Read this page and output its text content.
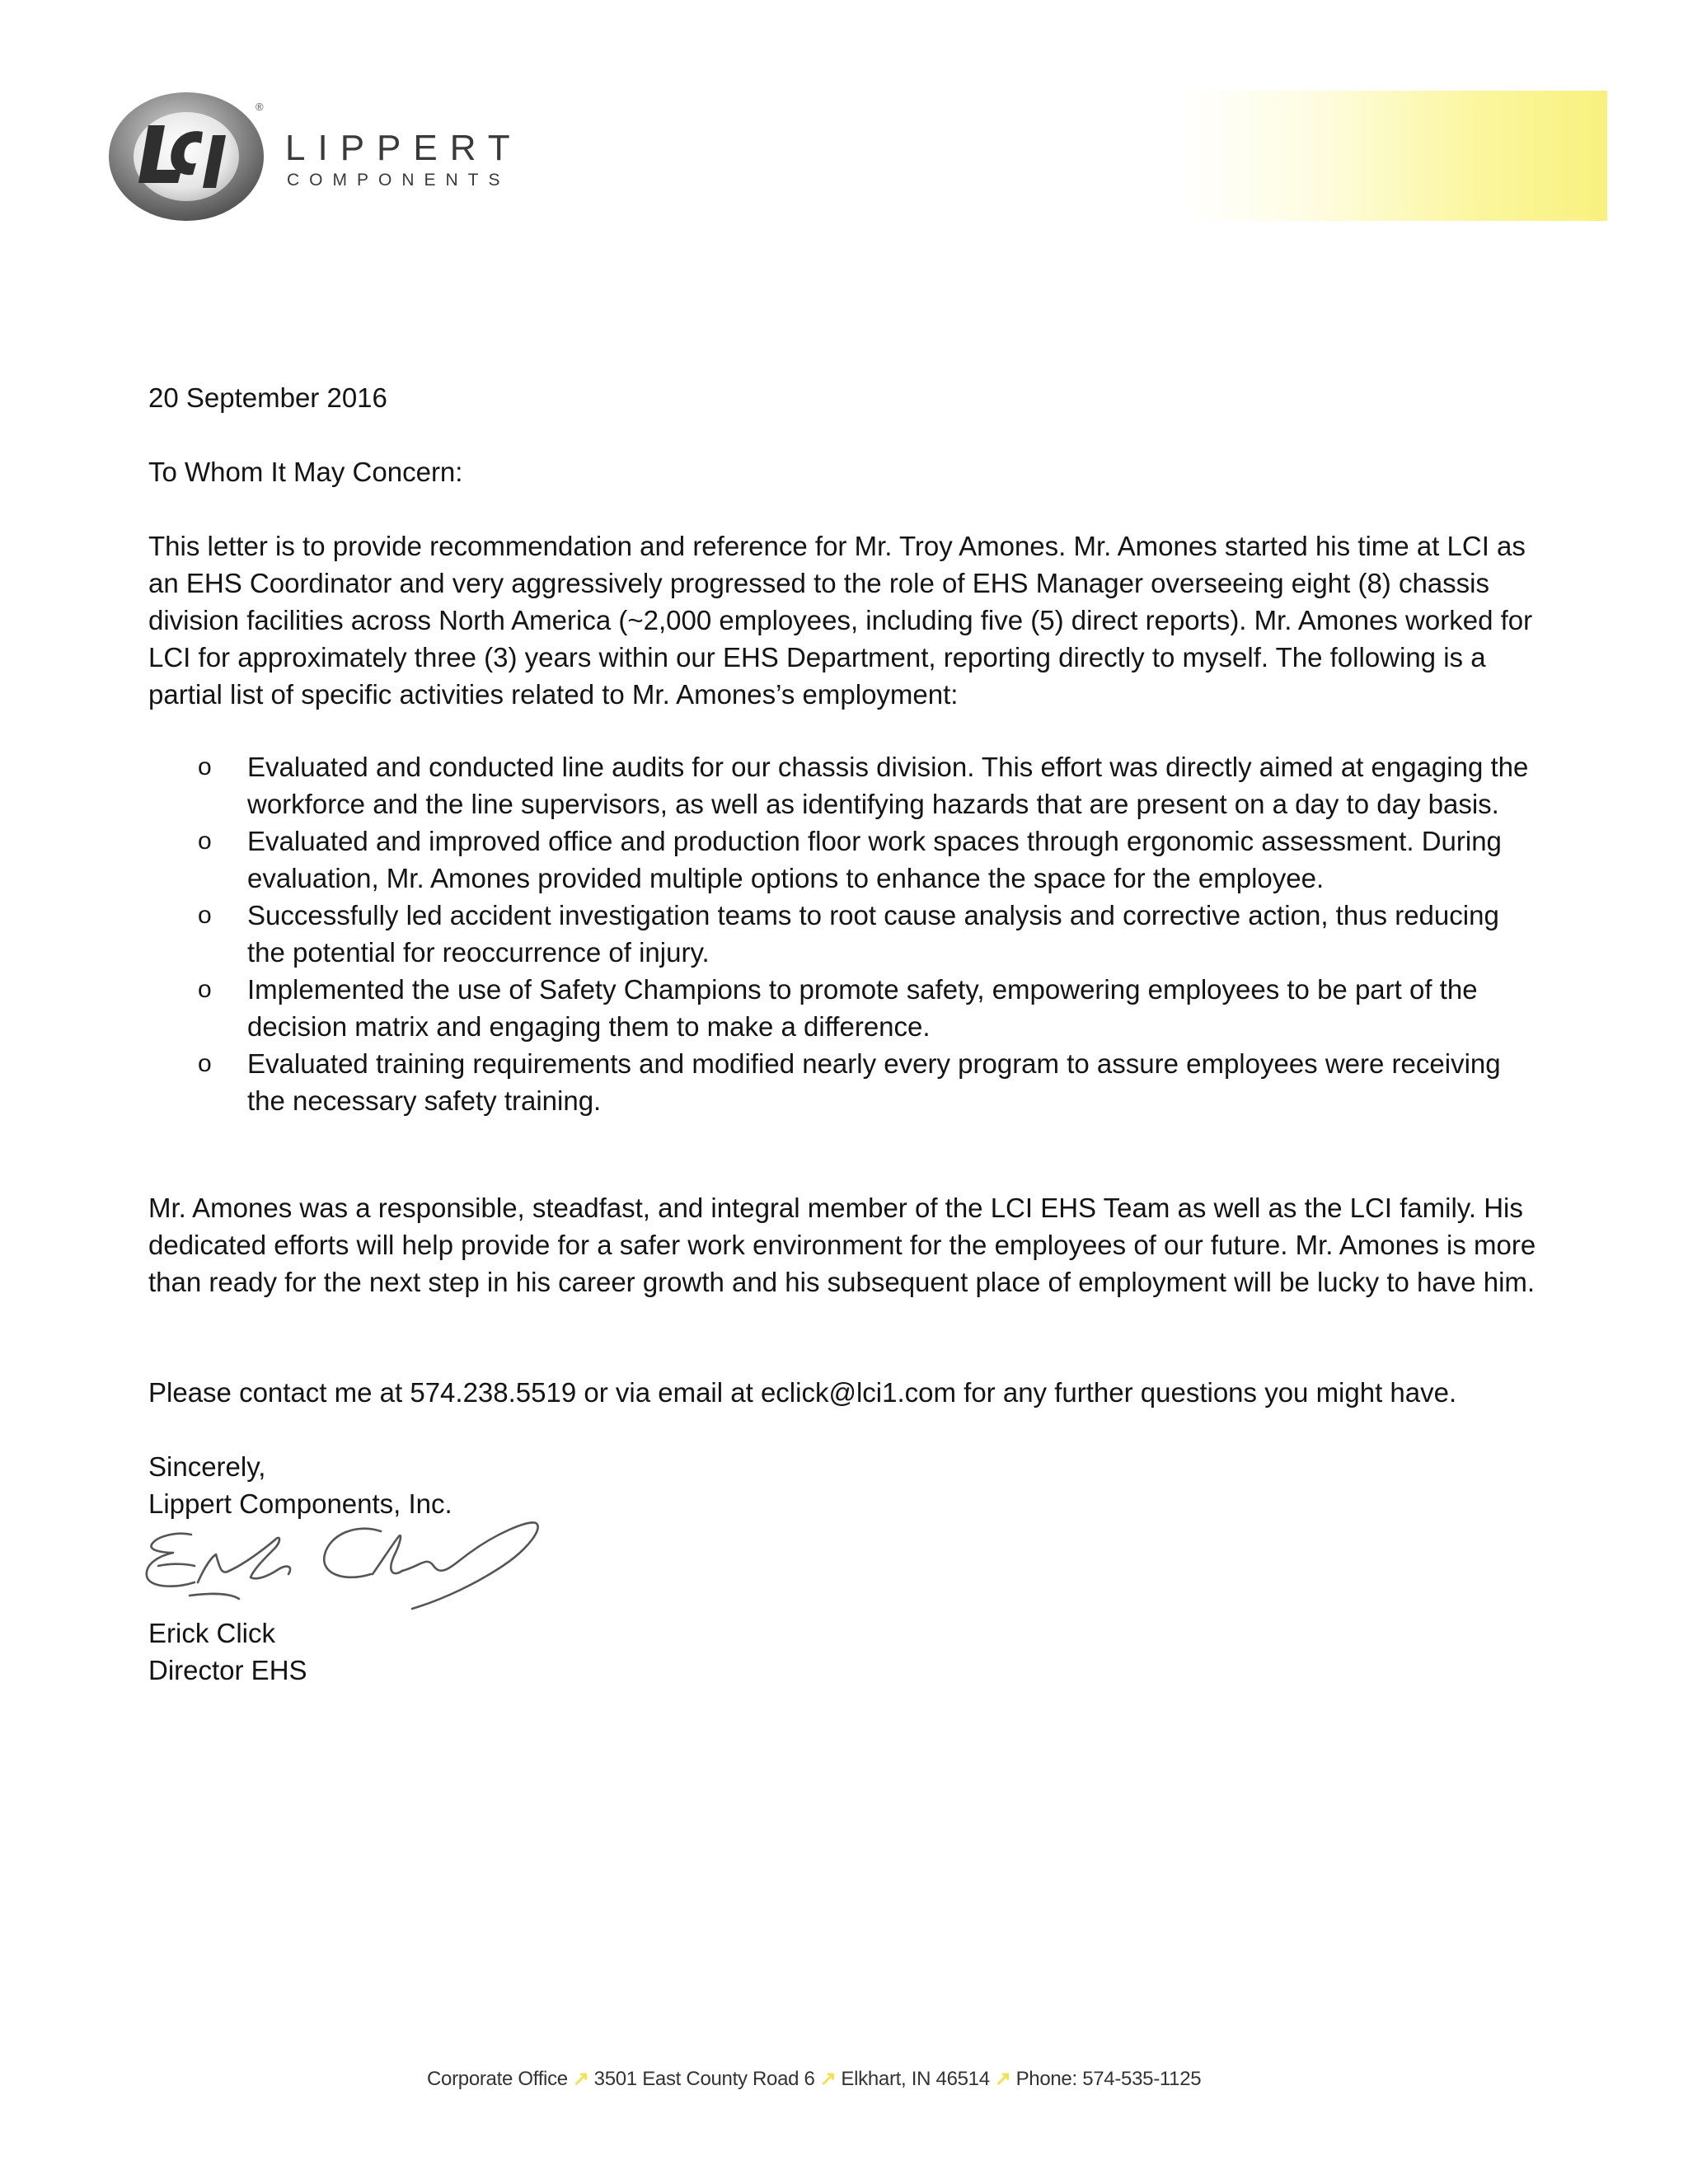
®
LIPPERT
COMPONENTS
20 September 2016
To Whom It May Concern:
This letter is to provide recommendation and reference for Mr. Troy Amones. Mr. Amones started his time at LCI as an EHS Coordinator and very aggressively progressed to the role of EHS Manager overseeing eight (8) chassis division facilities across North America (~2,000 employees, including five (5) direct reports). Mr. Amones worked for LCI for approximately three (3) years within our EHS Department, reporting directly to myself. The following is a partial list of specific activities related to Mr. Amones’s employment:
o	Evaluated and conducted line audits for our chassis division. This effort was directly aimed at engaging the workforce and the line supervisors, as well as identifying hazards that are present on a day to day basis.
o	Evaluated and improved office and production floor work spaces through ergonomic assessment. During evaluation, Mr. Amones provided multiple options to enhance the space for the employee.
o	Successfully led accident investigation teams to root cause analysis and corrective action, thus reducing the potential for reoccurrence of injury.
o	Implemented the use of Safety Champions to promote safety, empowering employees to be part of the decision matrix and engaging them to make a difference.
o	Evaluated training requirements and modified nearly every program to assure employees were receiving the necessary safety training.
Mr. Amones was a responsible, steadfast, and integral member of the LCI EHS Team as well as the LCI family. His dedicated efforts will help provide for a safer work environment for the employees of our future. Mr. Amones is more than ready for the next step in his career growth and his subsequent place of employment will be lucky to have him.
Please contact me at 574.238.5519 or via email at eclick@lci1.com for any further questions you might have.
Sincerely,
Lippert Components, Inc.
Erick Click
Director EHS
Corporate Office ↗ 3501 East County Road 6 ↗ Elkhart, IN 46514 ↗ Phone: 574-535-1125
